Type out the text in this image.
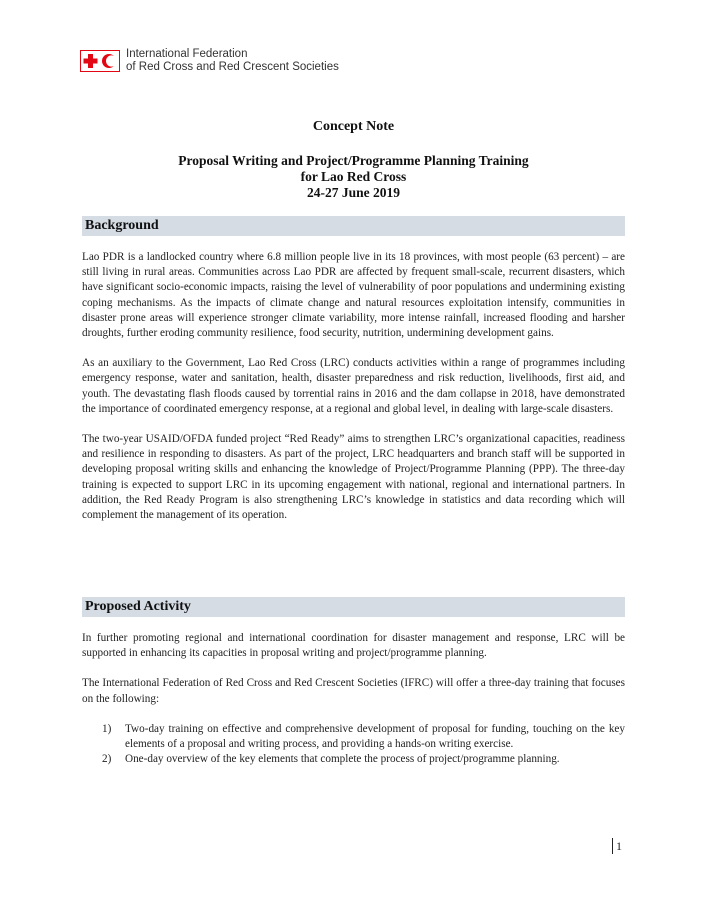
International Federation
of Red Cross and Red Crescent Societies

Concept Note

Proposal Writing and Project/Programme Planning Training
for Lao Red Cross
24-27 June 2019
Background

Lao PDR is a landlocked country where 6.8 million people live in its 18 provinces, with most people (63 percent) – are still living in rural areas. Communities across Lao PDR are affected by frequent small-scale, recurrent disasters, which have significant socio-economic impacts, raising the level of vulnerability of poor populations and undermining existing coping mechanisms. As the impacts of climate change and natural resources exploitation intensify, communities in disaster prone areas will experience stronger climate variability, more intense rainfall, increased flooding and harsher droughts, further eroding community resilience, food security, nutrition, undermining development gains.

As an auxiliary to the Government, Lao Red Cross (LRC) conducts activities within a range of programmes including emergency response, water and sanitation, health, disaster preparedness and risk reduction, livelihoods, first aid, and youth. The devastating flash floods caused by torrential rains in 2016 and the dam collapse in 2018, have demonstrated the importance of coordinated emergency response, at a regional and global level, in dealing with large-scale disasters.

The two-year USAID/OFDA funded project “Red Ready” aims to strengthen LRC’s organizational capacities, readiness and resilience in responding to disasters. As part of the project, LRC headquarters and branch staff will be supported in developing proposal writing skills and enhancing the knowledge of Project/Programme Planning (PPP). The three-day training is expected to support LRC in its upcoming engagement with national, regional and international partners. In addition, the Red Ready Program is also strengthening LRC’s knowledge in statistics and data recording which will complement the management of its operation.

Proposed Activity

In further promoting regional and international coordination for disaster management and response, LRC will be supported in enhancing its capacities in proposal writing and project/programme planning.

The International Federation of Red Cross and Red Crescent Societies (IFRC) will offer a three-day training that focuses on the following:

1)	Two-day training on effective and comprehensive development of proposal for funding, touching on the key elements of a proposal and writing process, and providing a hands-on writing exercise.
2)	One-day overview of the key elements that complete the process of project/programme planning.
1
